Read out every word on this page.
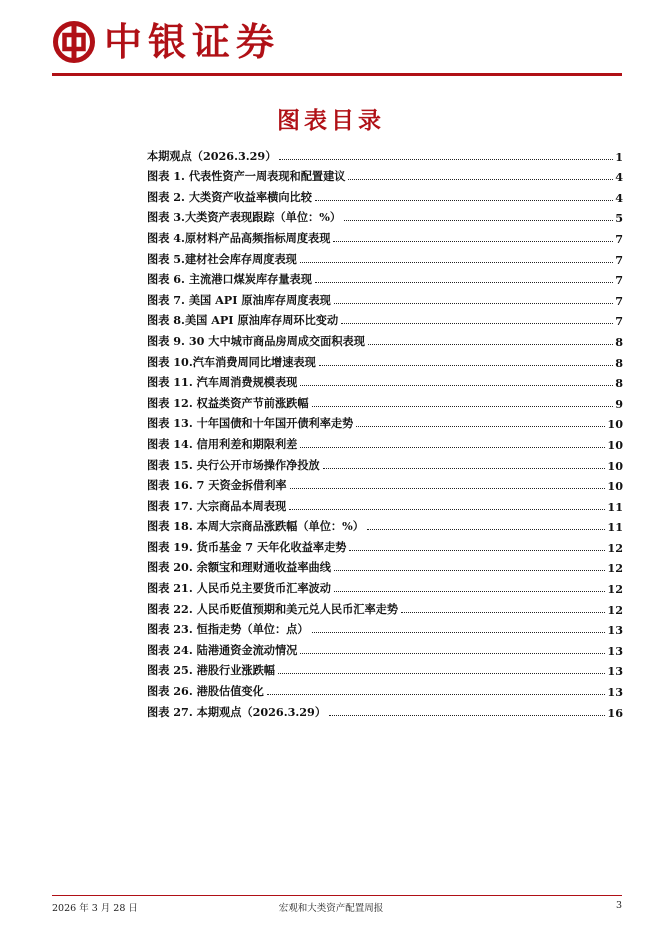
中银证券
图表目录
本期观点（2026.3.29）	1
图表 1. 代表性资产一周表现和配置建议	4
图表 2. 大类资产收益率横向比较	4
图表 3.大类资产表现跟踪（单位：%）	5
图表 4.原材料产品高频指标周度表现	7
图表 5.建材社会库存周度表现	7
图表 6. 主流港口煤炭库存量表现	7
图表 7. 美国 API 原油库存周度表现	7
图表 8.美国 API 原油库存周环比变动	7
图表 9. 30 大中城市商品房周成交面积表现	8
图表 10.汽车消费周同比增速表现	8
图表 11. 汽车周消费规模表现	8
图表 12. 权益类资产节前涨跌幅	9
图表 13. 十年国债和十年国开债利率走势	10
图表 14. 信用利差和期限利差	10
图表 15. 央行公开市场操作净投放	10
图表 16. 7 天资金拆借利率	10
图表 17. 大宗商品本周表现	11
图表 18. 本周大宗商品涨跌幅（单位：%）	11
图表 19. 货币基金 7 天年化收益率走势	12
图表 20. 余额宝和理财通收益率曲线	12
图表 21. 人民币兑主要货币汇率波动	12
图表 22. 人民币贬值预期和美元兑人民币汇率走势	12
图表 23. 恒指走势（单位：点）	13
图表 24. 陆港通资金流动情况	13
图表 25. 港股行业涨跌幅	13
图表 26. 港股估值变化	13
图表 27. 本期观点（2026.3.29）	16
2026 年 3 月 28 日	宏观和大类资产配置周报	3
